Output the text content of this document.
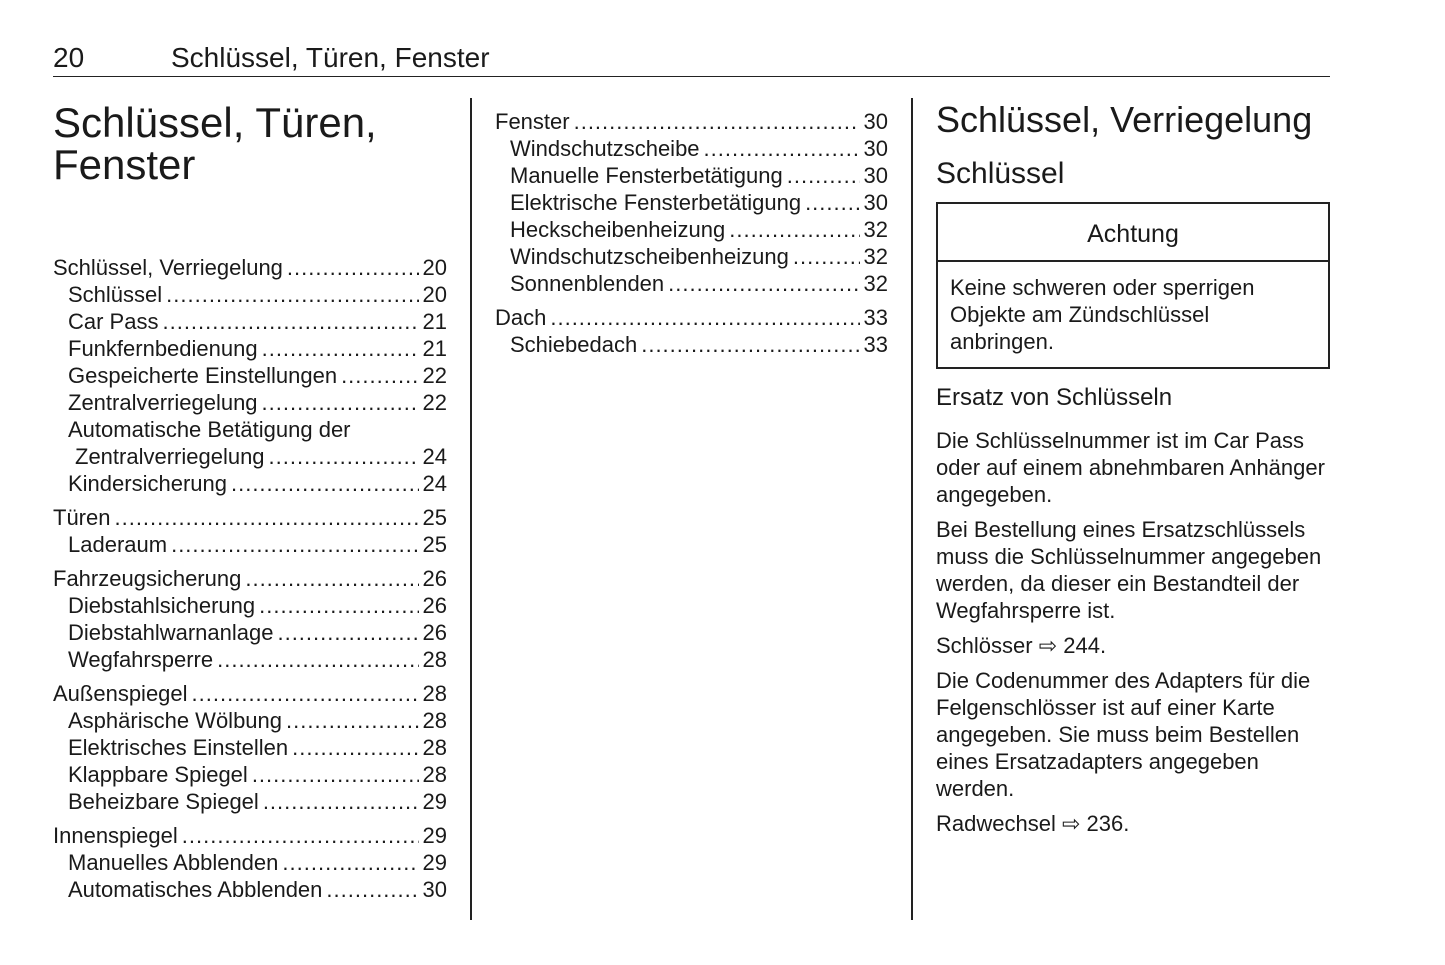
20	Schlüssel, Türen, Fenster
Schlüssel, Türen,
Fenster
Schlüssel, Verriegelung .....	20
Schlüssel .....	20
Car Pass .....	21
Funkfernbedienung .....	21
Gespeicherte Einstellungen .....	22
Zentralverriegelung .....	22
Automatische Betätigung der
Zentralverriegelung .....	24
Kindersicherung .....	24
Türen .....	25
Laderaum .....	25
Fahrzeugsicherung .....	26
Diebstahlsicherung .....	26
Diebstahlwarnanlage .....	26
Wegfahrsperre .....	28
Außenspiegel .....	28
Asphärische Wölbung .....	28
Elektrisches Einstellen .....	28
Klappbare Spiegel .....	28
Beheizbare Spiegel .....	29
Innenspiegel .....	29
Manuelles Abblenden .....	29
Automatisches Abblenden .....	30
Fenster .....	30
Windschutzscheibe .....	30
Manuelle Fensterbetätigung .....	30
Elektrische Fensterbetätigung .....	30
Heckscheibenheizung .....	32
Windschutzscheibenheizung .....	32
Sonnenblenden .....	32
Dach .....	33
Schiebedach .....	33
Schlüssel, Verriegelung
Schlüssel
Achtung
Keine schweren oder sperrigen Objekte am Zündschlüssel anbringen.
Ersatz von Schlüsseln

Die Schlüsselnummer ist im Car Pass oder auf einem abnehmbaren Anhänger angegeben.

Bei Bestellung eines Ersatzschlüssels muss die Schlüsselnummer angegeben werden, da dieser ein Bestandteil der Wegfahrsperre ist.

Schlösser ⇨ 244.

Die Codenummer des Adapters für die Felgenschlösser ist auf einer Karte angegeben. Sie muss beim Bestellen eines Ersatzadapters angegeben werden.

Radwechsel ⇨ 236.
